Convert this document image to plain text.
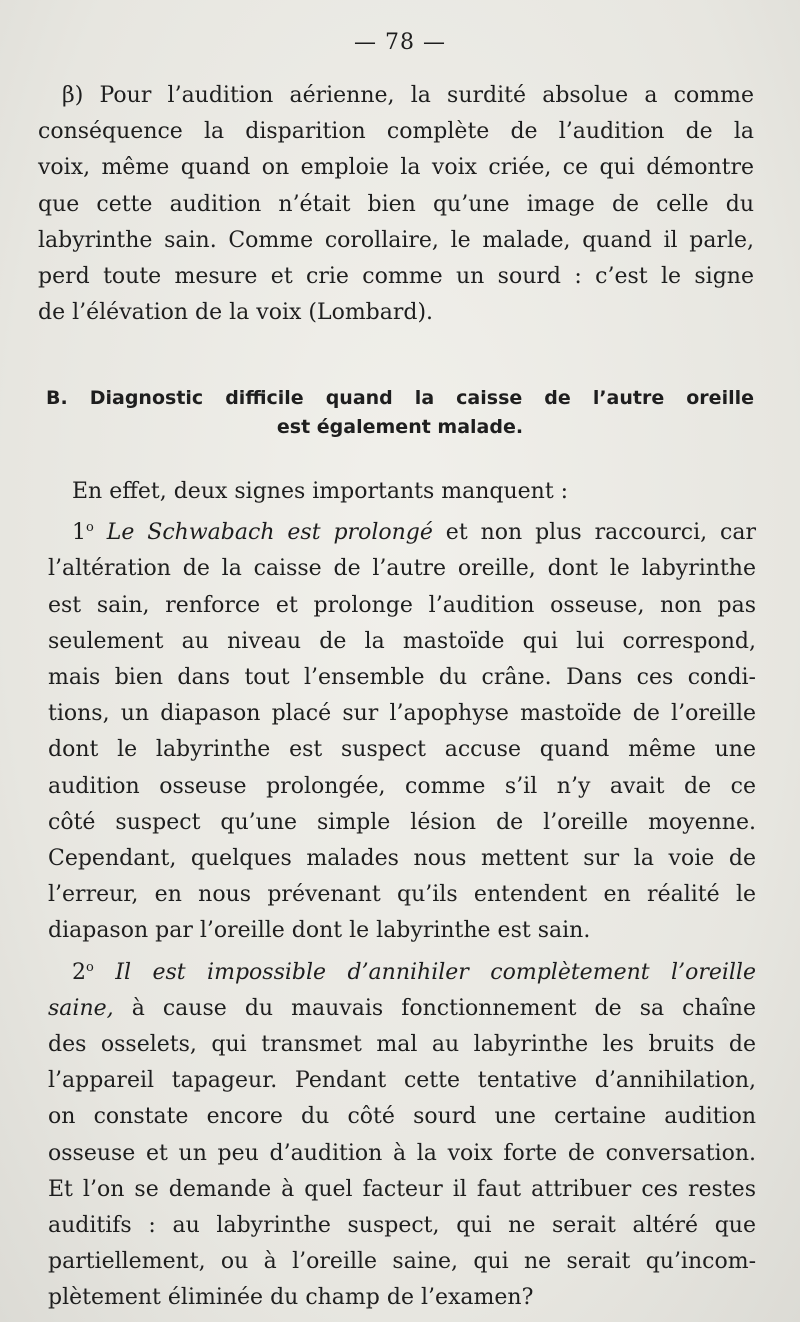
— 78 —
β) Pour l’audition aérienne, la surdité absolue a comme
conséquence la disparition complète de l’audition de la
voix, même quand on emploie la voix criée, ce qui démontre
que cette audition n’était bien qu’une image de celle du
labyrinthe sain. Comme corollaire, le malade, quand il parle,
perd toute mesure et crie comme un sourd : c’est le signe
de l’élévation de la voix (Lombard).
B. Diagnostic difficile quand la caisse de l’autre oreille
est également malade.
En effet, deux signes importants manquent :
1$^o$ Le Schwabach est prolongé et non plus raccourci, car
l’altération de la caisse de l’autre oreille, dont le labyrinthe
est sain, renforce et prolonge l’audition osseuse, non pas
seulement au niveau de la mastoïde qui lui correspond,
mais bien dans tout l’ensemble du crâne. Dans ces condi-
tions, un diapason placé sur l’apophyse mastoïde de l’oreille
dont le labyrinthe est suspect accuse quand même une
audition osseuse prolongée, comme s’il n’y avait de ce
côté suspect qu’une simple lésion de l’oreille moyenne.
Cependant, quelques malades nous mettent sur la voie de
l’erreur, en nous prévenant qu’ils entendent en réalité le
diapason par l’oreille dont le labyrinthe est sain.
2$^o$ Il est impossible d’annihiler complètement l’oreille
saine, à cause du mauvais fonctionnement de sa chaîne
des osselets, qui transmet mal au labyrinthe les bruits de
l’appareil tapageur. Pendant cette tentative d’annihilation,
on constate encore du côté sourd une certaine audition
osseuse et un peu d’audition à la voix forte de conversation.
Et l’on se demande à quel facteur il faut attribuer ces restes
auditifs : au labyrinthe suspect, qui ne serait altéré que
partiellement, ou à l’oreille saine, qui ne serait qu’incom-
plètement éliminée du champ de l’examen?
